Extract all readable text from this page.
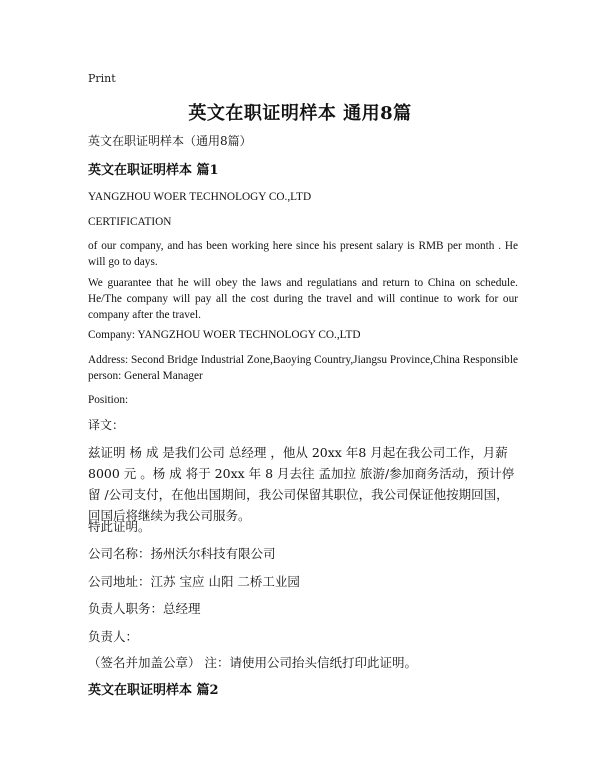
Print
英文在职证明样本 通用8篇
英文在职证明样本（通用8篇）
英文在职证明样本 篇1
YANGZHOU WOER TECHNOLOGY CO.,LTD
CERTIFICATION
of our company, and has been working here since his present salary is RMB per month . He will go to days.
We guarantee that he will obey the laws and regulatians and return to China on schedule. He/The company will pay all the cost during the travel and will continue to work for our company after the travel.
Company: YANGZHOU WOER TECHNOLOGY CO.,LTD
Address: Second Bridge Industrial Zone,Baoying Country,Jiangsu Province,China Responsible person: General Manager
Position:
译文：
兹证明 杨 成 是我们公司 总经理 ，他从 20xx 年8 月起在我公司工作，月薪 8000 元 。杨 成 将于 20xx 年 8 月去往 孟加拉 旅游/参加商务活动，预计停留 /公司支付，在他出国期间，我公司保留其职位，我公司保证他按期回国，回国后将继续为我公司服务。
特此证明。
公司名称：扬州沃尔科技有限公司
公司地址：江苏 宝应 山阳 二桥工业园
负责人职务：总经理
负责人：
（签名并加盖公章） 注：请使用公司抬头信纸打印此证明。
英文在职证明样本 篇2
